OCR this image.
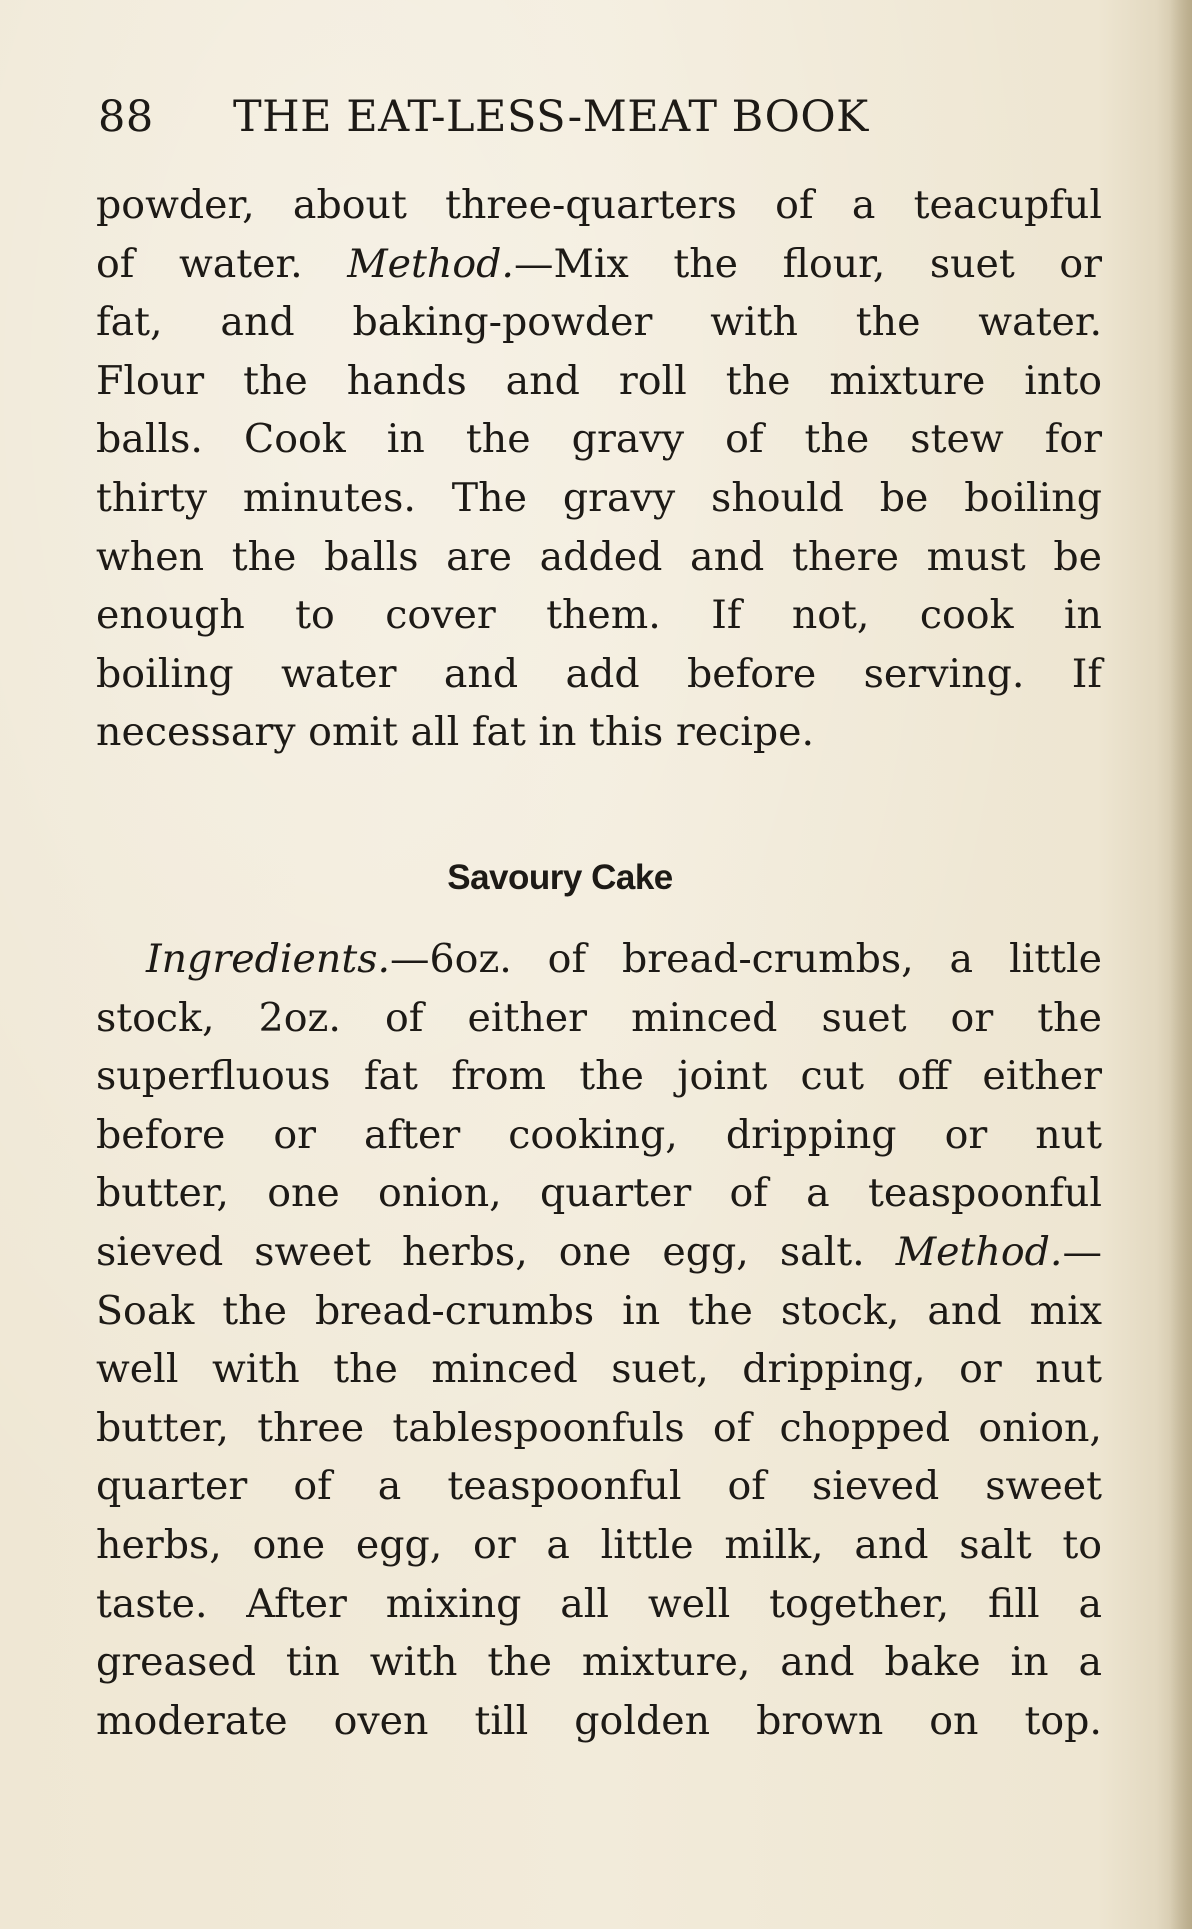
88 THE EAT-LESS-MEAT BOOK
powder, about three-quarters of a teacupful
of water. Method.—Mix the flour, suet or
fat, and baking-powder with the water.
Flour the hands and roll the mixture into
balls. Cook in the gravy of the stew for
thirty minutes. The gravy should be boiling
when the balls are added and there must be
enough to cover them. If not, cook in
boiling water and add before serving. If
necessary omit all fat in this recipe.
Savoury Cake
Ingredients.—6oz. of bread-crumbs, a little
stock, 2oz. of either minced suet or the
superfluous fat from the joint cut off either
before or after cooking, dripping or nut
butter, one onion, quarter of a teaspoonful
sieved sweet herbs, one egg, salt. Method.—
Soak the bread-crumbs in the stock, and mix
well with the minced suet, dripping, or nut
butter, three tablespoonfuls of chopped onion,
quarter of a teaspoonful of sieved sweet
herbs, one egg, or a little milk, and salt to
taste. After mixing all well together, fill a
greased tin with the mixture, and bake in a
moderate oven till golden brown on top.
